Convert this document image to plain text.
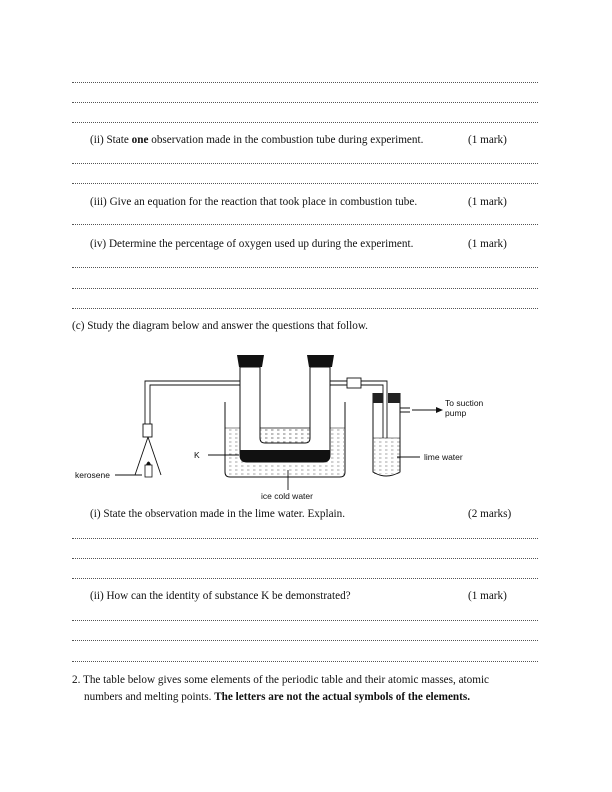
(ii) State one observation made in the combustion tube during experiment.	(1 mark)
(iii) Give an equation for the reaction that took place in combustion tube.	(1 mark)
(iv) Determine the percentage of oxygen used up during the experiment.	(1 mark)
(c) Study the diagram below and answer the questions that follow.
To suction
pump
lime water
K
kerosene
ice cold water
(i) State the observation made in the lime water. Explain.	(2 marks)
(ii) How can the identity of substance K be demonstrated?	(1 mark)
2. The table below gives some elements of the periodic table and their atomic masses, atomic
numbers and melting points. The letters are not the actual symbols of the elements.
